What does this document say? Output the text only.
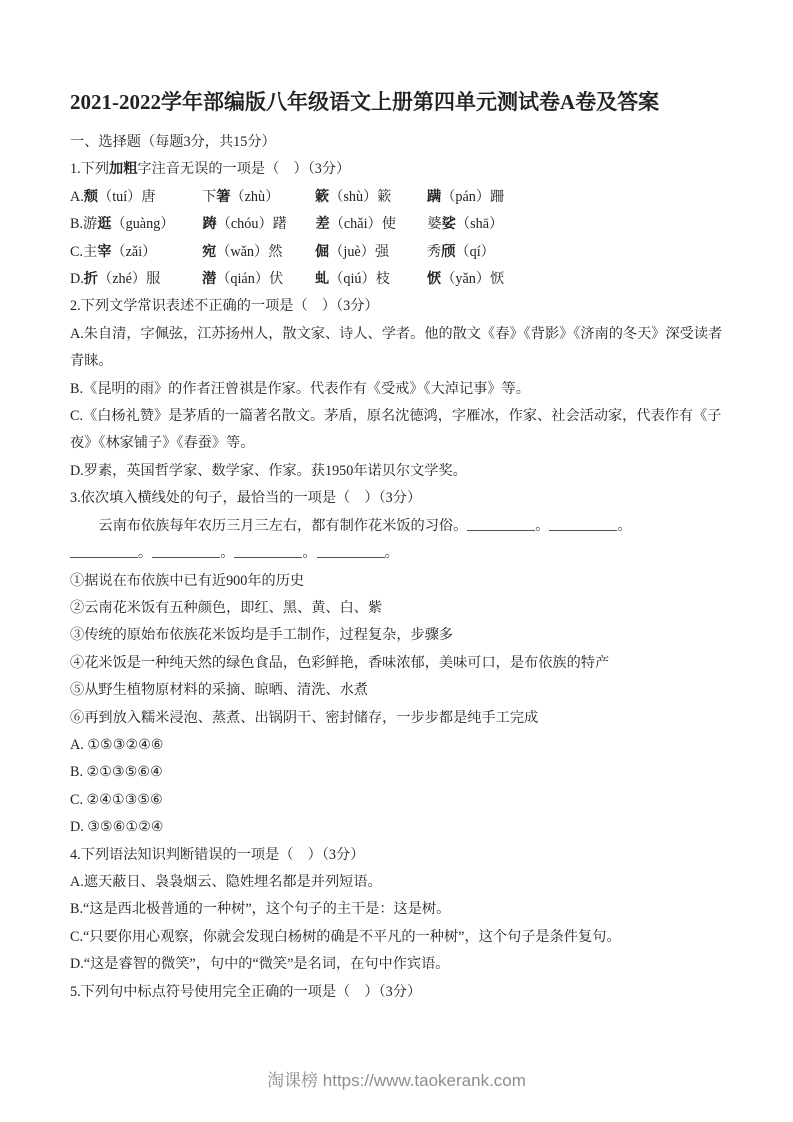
2021-2022学年部编版八年级语文上册第四单元测试卷A卷及答案

一、选择题（每题3分，共15分）

1.下列加粗字注音无误的一项是（　）（3分）

A.颓（tuí）唐	下箸（zhù）	簌（shù）簌	蹒（pán）跚
B.游逛（guàng）	踌（chóu）躇	差（chǎi）使	婆娑（shā）
C.主宰（zǎi）	宛（wǎn）然	倔（juè）强	秀颀（qí）
D.折（zhé）服	潜（qián）伏	虬（qiú）枝	恹（yǎn）恹

2.下列文学常识表述不正确的一项是（　）（3分）

A.朱自清，字佩弦，江苏扬州人，散文家、诗人、学者。他的散文《春》《背影》《济南的冬天》深受读者青睐。

B.《昆明的雨》的作者汪曾祺是作家。代表作有《受戒》《大淖记事》等。

C.《白杨礼赞》是茅盾的一篇著名散文。茅盾，原名沈德鸿，字雁冰，作家、社会活动家，代表作有《子夜》《林家铺子》《春蚕》等。

D.罗素，英国哲学家、数学家、作家。获1950年诺贝尔文学奖。

3.依次填入横线处的句子，最恰当的一项是（　）（3分）

　　云南布依族每年农历三月三左右，都有制作花米饭的习俗。	。	。

。	。	。	。

①据说在布依族中已有近900年的历史

②云南花米饭有五种颜色，即红、黑、黄、白、紫

③传统的原始布依族花米饭均是手工制作，过程复杂，步骤多

④花米饭是一种纯天然的绿色食品，色彩鲜艳，香味浓郁，美味可口，是布依族的特产

⑤从野生植物原材料的采摘、晾晒、清洗、水煮

⑥再到放入糯米浸泡、蒸煮、出锅阴干、密封储存，一步步都是纯手工完成

A. ①⑤③②④⑥

B. ②①③⑤⑥④

C. ②④①③⑤⑥

D. ③⑤⑥①②④

4.下列语法知识判断错误的一项是（　）（3分）

A.遮天蔽日、袅袅烟云、隐姓埋名都是并列短语。

B.“这是西北极普通的一种树”，这个句子的主干是：这是树。

C.“只要你用心观察，你就会发现白杨树的确是不平凡的一种树”，这个句子是条件复句。

D.“这是睿智的微笑”，句中的“微笑”是名词，在句中作宾语。

5.下列句中标点符号使用完全正确的一项是（　）（3分）

淘课榜 https://www.taokerank.com
